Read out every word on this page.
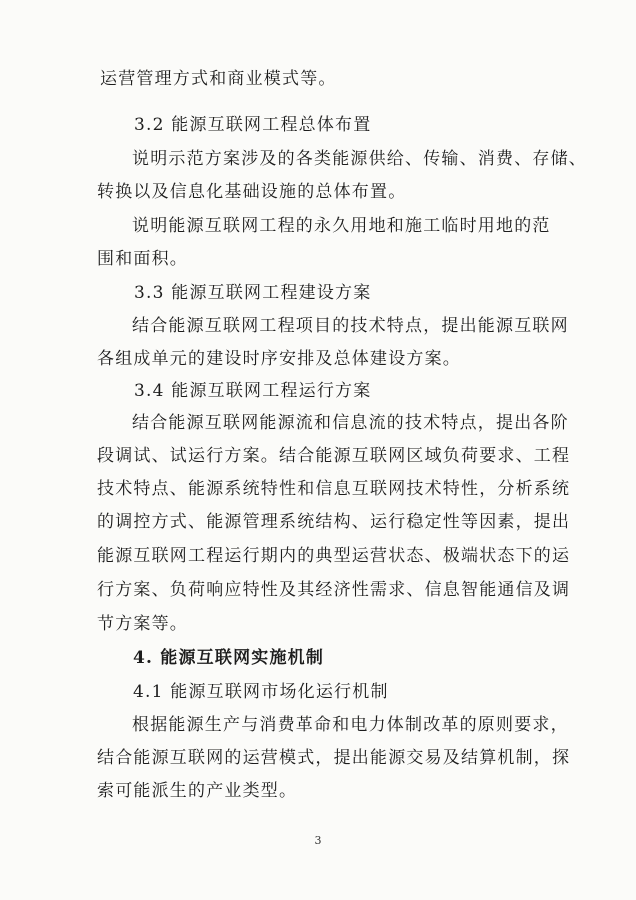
运营管理方式和商业模式等。
3.2 能源互联网工程总体布置
说明示范方案涉及的各类能源供给、传输、消费、存储、
转换以及信息化基础设施的总体布置。
说明能源互联网工程的永久用地和施工临时用地的范
围和面积。
3.3 能源互联网工程建设方案
结合能源互联网工程项目的技术特点，提出能源互联网
各组成单元的建设时序安排及总体建设方案。
3.4 能源互联网工程运行方案
结合能源互联网能源流和信息流的技术特点，提出各阶
段调试、试运行方案。结合能源互联网区域负荷要求、工程
技术特点、能源系统特性和信息互联网技术特性，分析系统
的调控方式、能源管理系统结构、运行稳定性等因素，提出
能源互联网工程运行期内的典型运营状态、极端状态下的运
行方案、负荷响应特性及其经济性需求、信息智能通信及调
节方案等。
4. 能源互联网实施机制
4.1 能源互联网市场化运行机制
根据能源生产与消费革命和电力体制改革的原则要求，
结合能源互联网的运营模式，提出能源交易及结算机制，探
索可能派生的产业类型。
3
